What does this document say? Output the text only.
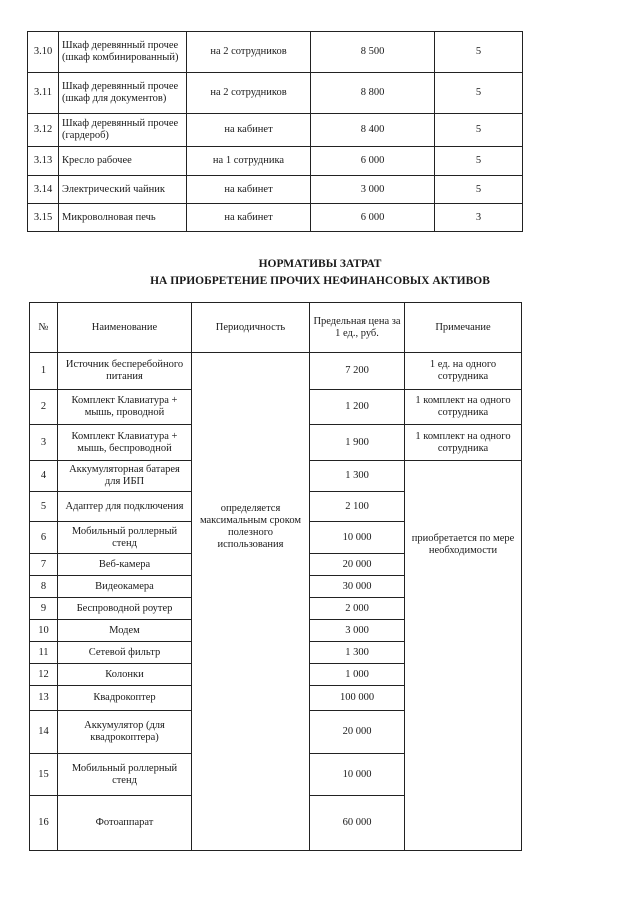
3.10	Шкаф деревянный прочее (шкаф комбинированный)	на 2 сотрудников	8 500	5
3.11	Шкаф деревянный прочее (шкаф для документов)	на 2 сотрудников	8 800	5
3.12	Шкаф деревянный прочее (гардероб)	на кабинет	8 400	5
3.13	Кресло рабочее	на 1 сотрудника	6 000	5
3.14	Электрический чайник	на кабинет	3 000	5
3.15	Микроволновая печь	на кабинет	6 000	3
НОРМАТИВЫ ЗАТРАТ
НА ПРИОБРЕТЕНИЕ ПРОЧИХ НЕФИНАНСОВЫХ АКТИВОВ
№	Наименование	Периодичность	Предельная цена за 1 ед., руб.	Примечание
1	Источник бесперебойного питания	определяется максимальным сроком полезного использования	7 200	1 ед. на одного сотрудника
2	Комплект Клавиатура + мышь, проводной		1 200	1 комплект на одного сотрудника
3	Комплект Клавиатура + мышь, беспроводной		1 900	1 комплект на одного сотрудника
4	Аккумуляторная батарея для ИБП		1 300	приобретается по мере необходимости
5	Адаптер для подключения		2 100	
6	Мобильный роллерный стенд		10 000	
7	Веб-камера		20 000	
8	Видеокамера		30 000	
9	Беспроводной роутер		2 000	
10	Модем		3 000	
11	Сетевой фильтр		1 300	
12	Колонки		1 000	
13	Квадрокоптер		100 000	
14	Аккумулятор (для квадрокоптера)		20 000	
15	Мобильный роллерный стенд		10 000	
16	Фотоаппарат		60 000	
